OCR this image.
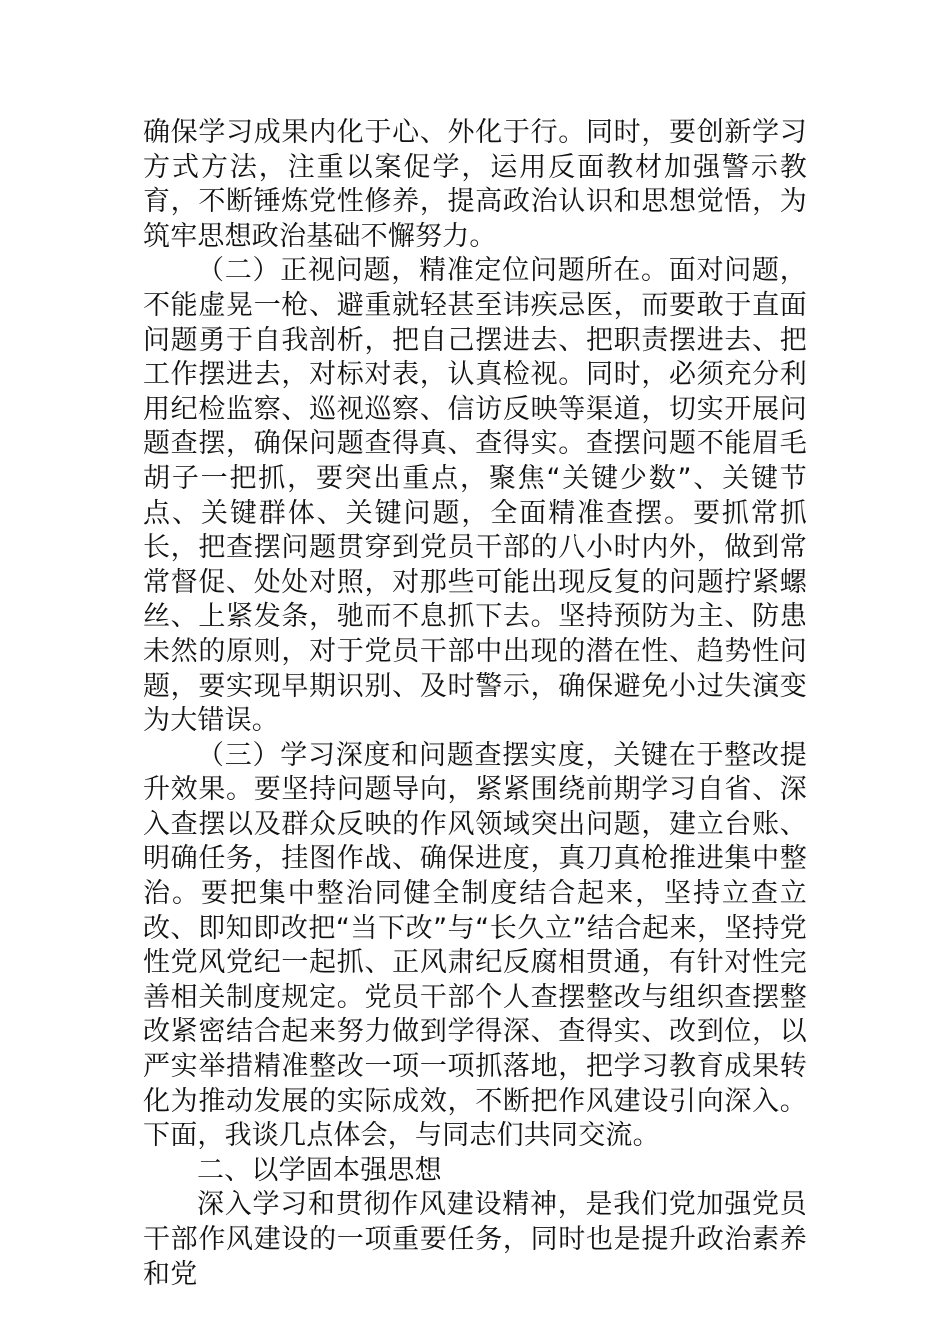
确保学习成果内化于心、外化于行。同时，要创新学习方式方法，注重以案促学，运用反面教材加强警示教育，不断锤炼党性修养，提高政治认识和思想觉悟，为筑牢思想政治基础不懈努力。

（二）正视问题，精准定位问题所在。面对问题，不能虚晃一枪、避重就轻甚至讳疾忌医，而要敢于直面问题勇于自我剖析，把自己摆进去、把职责摆进去、把工作摆进去，对标对表，认真检视。同时，必须充分利用纪检监察、巡视巡察、信访反映等渠道，切实开展问题查摆，确保问题查得真、查得实。查摆问题不能眉毛胡子一把抓，要突出重点，聚焦“关键少数”、关键节点、关键群体、关键问题，全面精准查摆。要抓常抓长，把查摆问题贯穿到党员干部的八小时内外，做到常常督促、处处对照，对那些可能出现反复的问题拧紧螺丝、上紧发条，驰而不息抓下去。坚持预防为主、防患未然的原则，对于党员干部中出现的潜在性、趋势性问题，要实现早期识别、及时警示，确保避免小过失演变为大错误。

（三）学习深度和问题查摆实度，关键在于整改提升效果。要坚持问题导向，紧紧围绕前期学习自省、深入查摆以及群众反映的作风领域突出问题，建立台账、明确任务，挂图作战、确保进度，真刀真枪推进集中整治。要把集中整治同健全制度结合起来，坚持立查立改、即知即改把“当下改”与“长久立”结合起来，坚持党性党风党纪一起抓、正风肃纪反腐相贯通，有针对性完善相关制度规定。党员干部个人查摆整改与组织查摆整改紧密结合起来努力做到学得深、查得实、改到位，以严实举措精准整改一项一项抓落地，把学习教育成果转化为推动发展的实际成效，不断把作风建设引向深入。下面，我谈几点体会，与同志们共同交流。

二、以学固本强思想

深入学习和贯彻作风建设精神，是我们党加强党员干部作风建设的一项重要任务，同时也是提升政治素养和党
